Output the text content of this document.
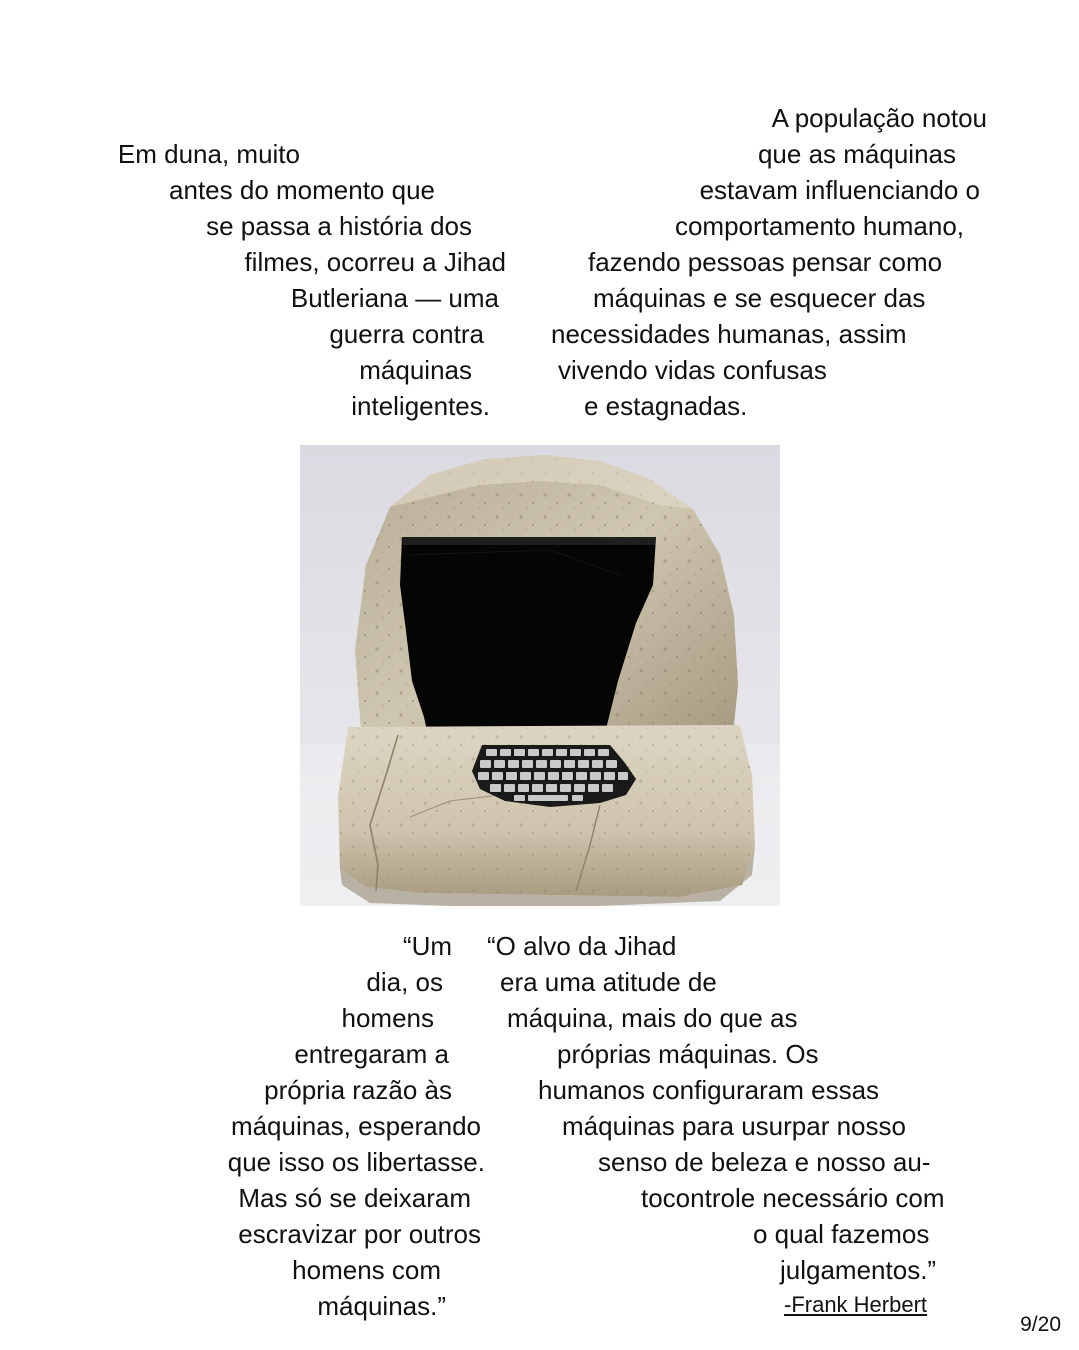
Em duna, muito
antes do momento que
se passa a história dos
filmes, ocorreu a Jihad
Butleriana — uma
guerra contra
máquinas
inteligentes.
A população notou
que as máquinas
estavam influenciando o
comportamento humano,
fazendo pessoas pensar como
máquinas e se esquecer das
necessidades humanas, assim
vivendo vidas confusas
e estagnadas.
“Um
dia, os
homens
entregaram a
própria razão às
máquinas, esperando
que isso os libertasse.
Mas só se deixaram
escravizar por outros
homens com
máquinas.”
“O alvo da Jihad
era uma atitude de
máquina, mais do que as
próprias máquinas. Os
humanos configuraram essas
máquinas para usurpar nosso
senso de beleza e nosso au-
tocontrole necessário com
o qual fazemos
julgamentos.”
-Frank Herbert
9/20
